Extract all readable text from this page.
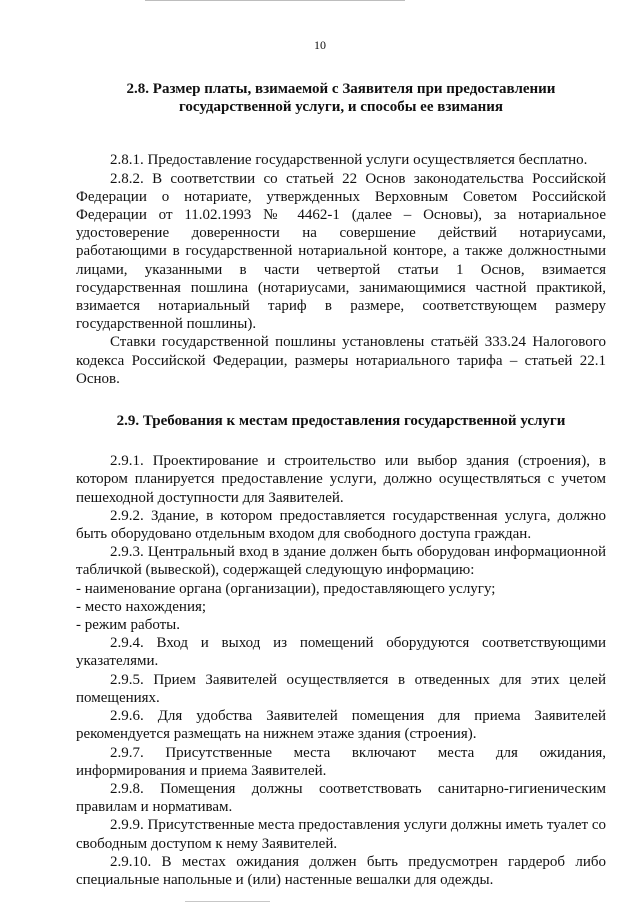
10

2.8. Размер платы, взимаемой с Заявителя при предоставлении государственной услуги, и способы ее взимания

2.8.1. Предоставление государственной услуги осуществляется бесплатно.

2.8.2. В соответствии со статьей 22 Основ законодательства Российской Федерации о нотариате, утвержденных Верховным Советом Российской Федерации от 11.02.1993 № 4462-1 (далее – Основы), за нотариальное удостоверение доверенности на совершение действий нотариусами, работающими в государственной нотариальной конторе, а также должностными лицами, указанными в части четвертой статьи 1 Основ, взимается государственная пошлина (нотариусами, занимающимися частной практикой, взимается нотариальный тариф в размере, соответствующем размеру государственной пошлины).

Ставки государственной пошлины установлены статьёй 333.24 Налогового кодекса Российской Федерации, размеры нотариального тарифа – статьей 22.1 Основ.

2.9. Требования к местам предоставления государственной услуги

2.9.1. Проектирование и строительство или выбор здания (строения), в котором планируется предоставление услуги, должно осуществляться с учетом пешеходной доступности для Заявителей.

2.9.2. Здание, в котором предоставляется государственная услуга, должно быть оборудовано отдельным входом для свободного доступа граждан.

2.9.3. Центральный вход в здание должен быть оборудован информационной табличкой (вывеской), содержащей следующую информацию:

- наименование органа (организации), предоставляющего услугу;

- место нахождения;

- режим работы.

2.9.4. Вход и выход из помещений оборудуются соответствующими указателями.

2.9.5. Прием Заявителей осуществляется в отведенных для этих целей помещениях.

2.9.6. Для удобства Заявителей помещения для приема Заявителей рекомендуется размещать на нижнем этаже здания (строения).

2.9.7. Присутственные места включают места для ожидания, информирования и приема Заявителей.

2.9.8. Помещения должны соответствовать санитарно-гигиеническим правилам и нормативам.

2.9.9. Присутственные места предоставления услуги должны иметь туалет со свободным доступом к нему Заявителей.

2.9.10. В местах ожидания должен быть предусмотрен гардероб либо специальные напольные и (или) настенные вешалки для одежды.
